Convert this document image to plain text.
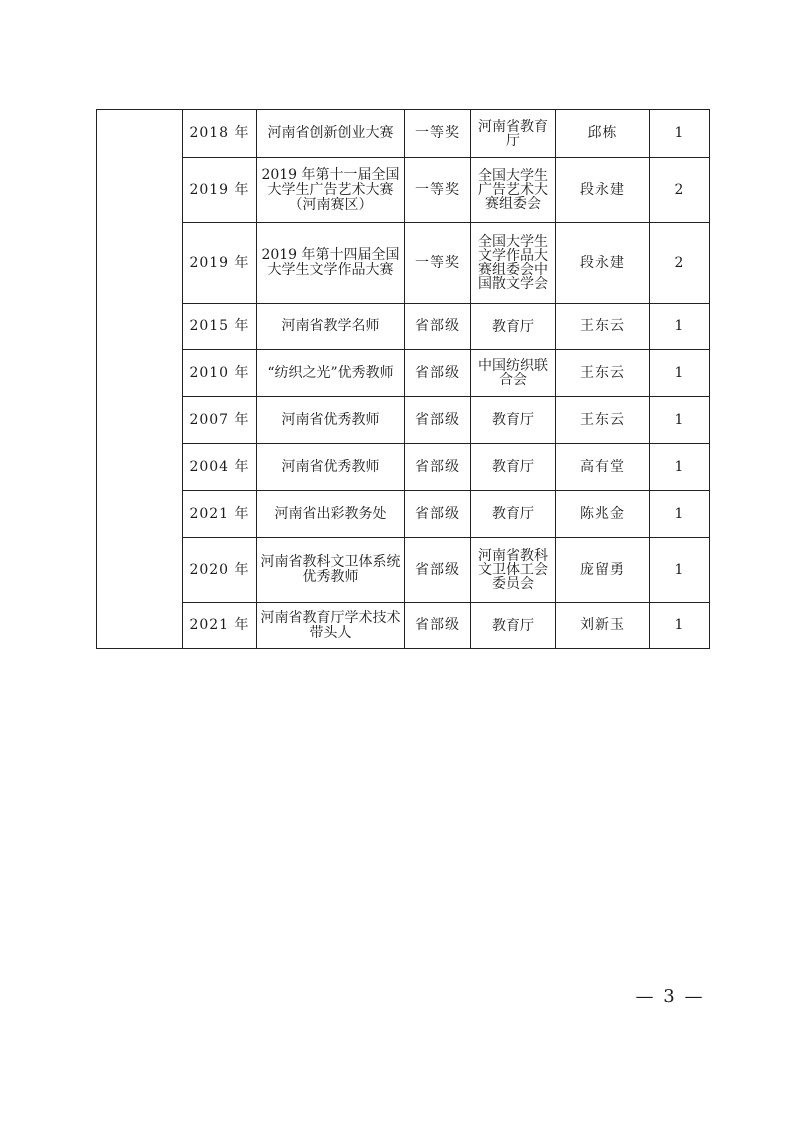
	2018 年	河南省创新创业大赛	一等奖	河南省教育厅	邱栋	1
	2019 年	2019 年第十一届全国大学生广告艺术大赛（河南赛区）	一等奖	全国大学生广告艺术大赛组委会	段永建	2
	2019 年	2019 年第十四届全国大学生文学作品大赛	一等奖	全国大学生文学作品大赛组委会中国散文学会	段永建	2
	2015 年	河南省教学名师	省部级	教育厅	王东云	1
	2010 年	“纺织之光”优秀教师	省部级	中国纺织联合会	王东云	1
	2007 年	河南省优秀教师	省部级	教育厅	王东云	1
	2004 年	河南省优秀教师	省部级	教育厅	高有堂	1
	2021 年	河南省出彩教务处	省部级	教育厅	陈兆金	1
	2020 年	河南省教科文卫体系统优秀教师	省部级	河南省教科文卫体工会委员会	庞留勇	1
	2021 年	河南省教育厅学术技术带头人	省部级	教育厅	刘新玉	1
— 3 —
